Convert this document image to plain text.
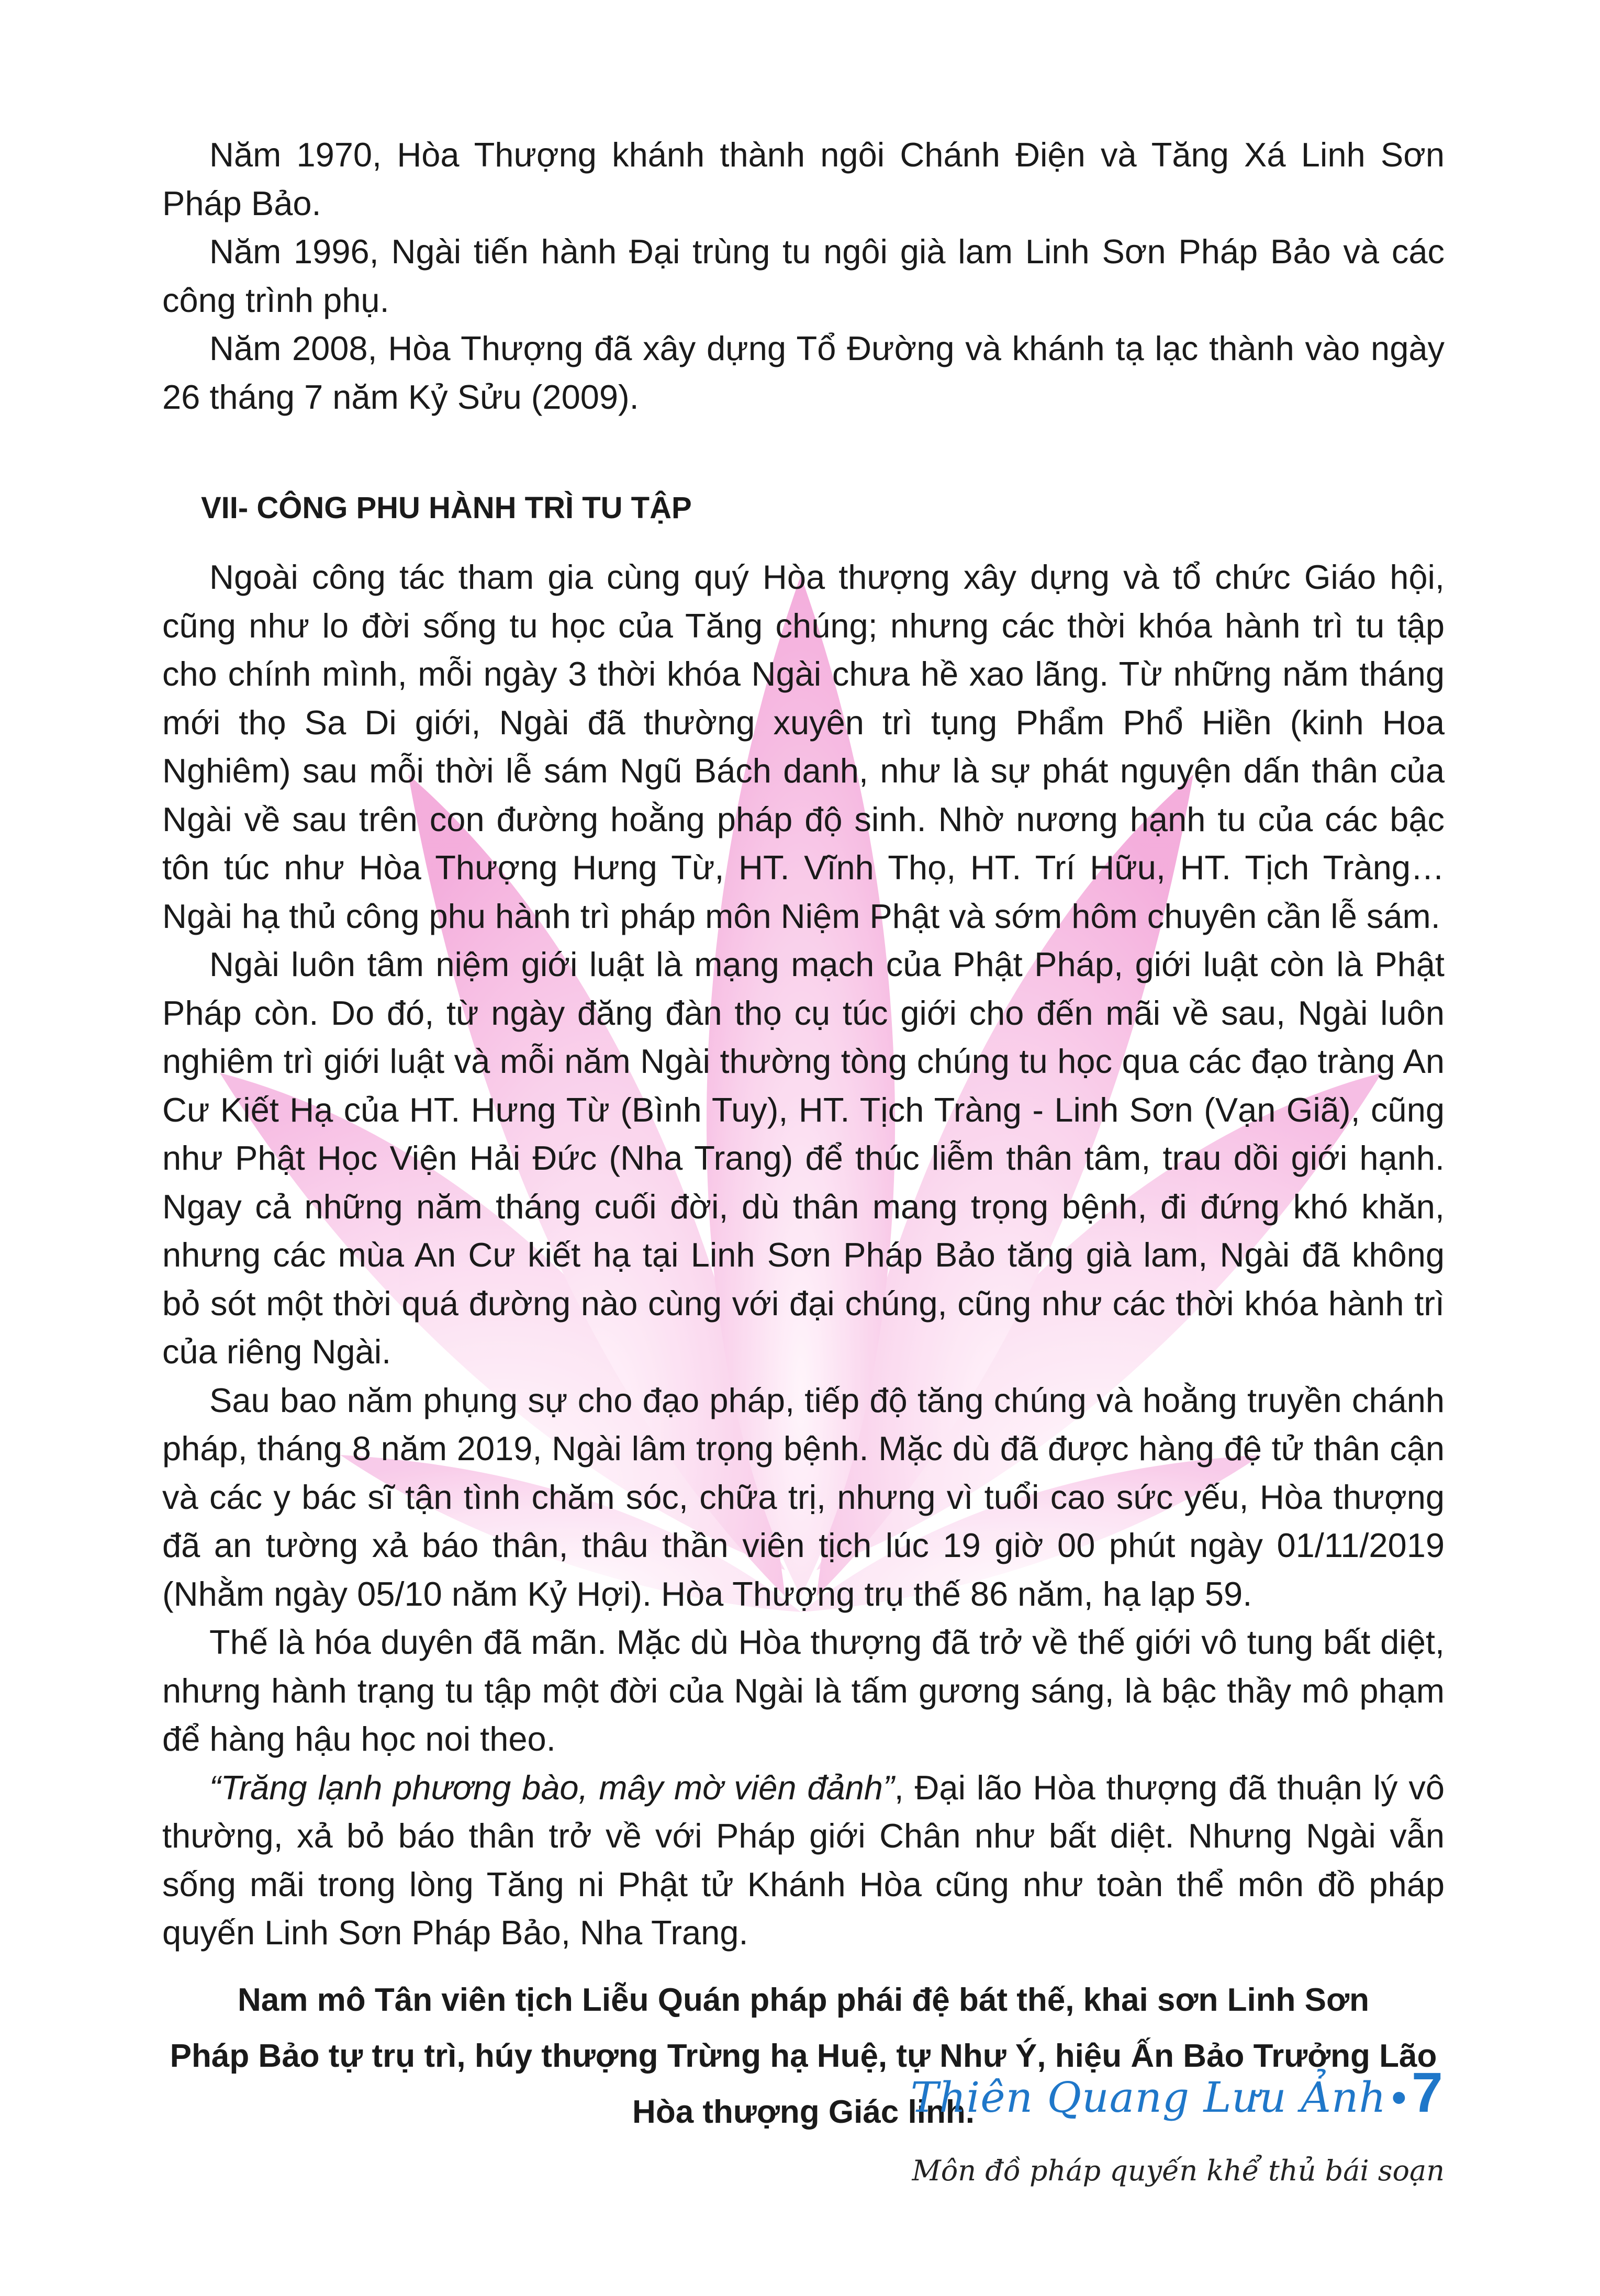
Năm 1970, Hòa Thượng khánh thành ngôi Chánh Điện và Tăng Xá Linh Sơn Pháp Bảo.

Năm 1996, Ngài tiến hành Đại trùng tu ngôi già lam Linh Sơn Pháp Bảo và các công trình phụ.

Năm 2008, Hòa Thượng đã xây dựng Tổ Đường và khánh tạ lạc thành vào ngày 26 tháng 7 năm Kỷ Sửu (2009).

VII- CÔNG PHU HÀNH TRÌ TU TẬP

Ngoài công tác tham gia cùng quý Hòa thượng xây dựng và tổ chức Giáo hội, cũng như lo đời sống tu học của Tăng chúng; nhưng các thời khóa hành trì tu tập cho chính mình, mỗi ngày 3 thời khóa Ngài chưa hề xao lãng. Từ những năm tháng mới thọ Sa Di giới, Ngài đã thường xuyên trì tụng Phẩm Phổ Hiền (kinh Hoa Nghiêm) sau mỗi thời lễ sám Ngũ Bách danh, như là sự phát nguyện dấn thân của Ngài về sau trên con đường hoằng pháp độ sinh. Nhờ nương hạnh tu của các bậc tôn túc như Hòa Thượng Hưng Từ, HT. Vĩnh Thọ, HT. Trí Hữu, HT. Tịch Tràng… Ngài hạ thủ công phu hành trì pháp môn Niệm Phật và sớm hôm chuyên cần lễ sám.

Ngài luôn tâm niệm giới luật là mạng mạch của Phật Pháp, giới luật còn là Phật Pháp còn. Do đó, từ ngày đăng đàn thọ cụ túc giới cho đến mãi về sau, Ngài luôn nghiêm trì giới luật và mỗi năm Ngài thường tòng chúng tu học qua các đạo tràng An Cư Kiết Hạ của HT. Hưng Từ (Bình Tuy), HT. Tịch Tràng - Linh Sơn (Vạn Giã), cũng như Phật Học Viện Hải Đức (Nha Trang) để thúc liễm thân tâm, trau dồi giới hạnh. Ngay cả những năm tháng cuối đời, dù thân mang trọng bệnh, đi đứng khó khăn, nhưng các mùa An Cư kiết hạ tại Linh Sơn Pháp Bảo tăng già lam, Ngài đã không bỏ sót một thời quá đường nào cùng với đại chúng, cũng như các thời khóa hành trì của riêng Ngài.

Sau bao năm phụng sự cho đạo pháp, tiếp độ tăng chúng và hoằng truyền chánh pháp, tháng 8 năm 2019, Ngài lâm trọng bệnh. Mặc dù đã được hàng đệ tử thân cận và các y bác sĩ tận tình chăm sóc, chữa trị, nhưng vì tuổi cao sức yếu, Hòa thượng đã an tường xả báo thân, thâu thần viên tịch lúc 19 giờ 00 phút ngày 01/11/2019 (Nhằm ngày 05/10 năm Kỷ Hợi). Hòa Thượng trụ thế 86 năm, hạ lạp 59.

Thế là hóa duyên đã mãn. Mặc dù Hòa thượng đã trở về thế giới vô tung bất diệt, nhưng hành trạng tu tập một đời của Ngài là tấm gương sáng, là bậc thầy mô phạm để hàng hậu học noi theo.

“Trăng lạnh phương bào, mây mờ viên đảnh”, Đại lão Hòa thượng đã thuận lý vô thường, xả bỏ báo thân trở về với Pháp giới Chân như bất diệt. Nhưng Ngài vẫn sống mãi trong lòng Tăng ni Phật tử Khánh Hòa cũng như toàn thể môn đồ pháp quyến Linh Sơn Pháp Bảo, Nha Trang.

Nam mô Tân viên tịch Liễu Quán pháp phái đệ bát thế, khai sơn Linh Sơn
Pháp Bảo tự trụ trì, húy thượng Trừng hạ Huệ, tự Như Ý, hiệu Ấn Bảo Trưởng Lão
Hòa thượng Giác linh.

Môn đồ pháp quyến khể thủ bái soạn

Thiên Quang Lưu Ảnh • 7
